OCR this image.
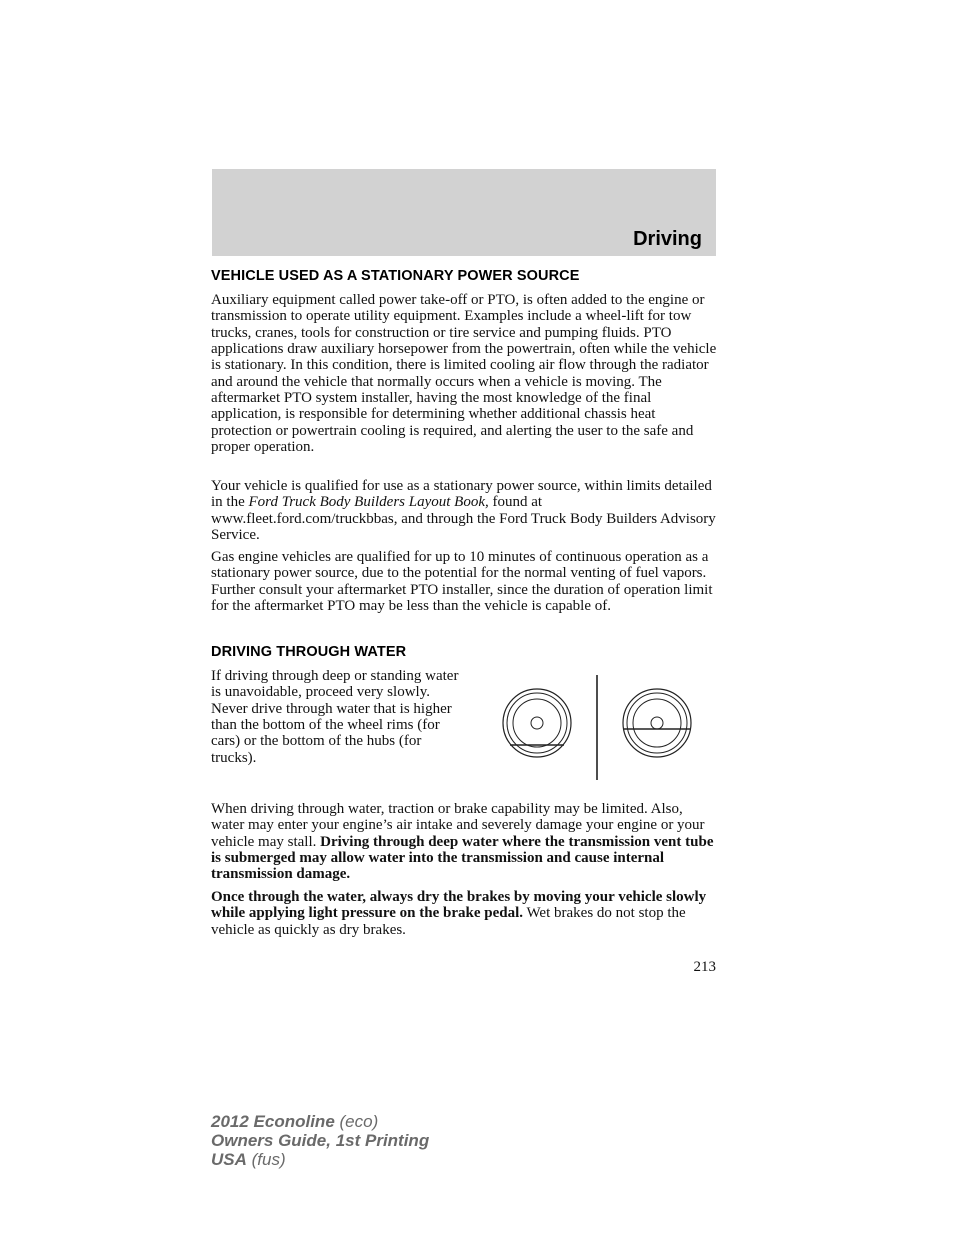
Driving
VEHICLE USED AS A STATIONARY POWER SOURCE
Auxiliary equipment called power take-off or PTO, is often added to the engine or transmission to operate utility equipment. Examples include a wheel-lift for tow trucks, cranes, tools for construction or tire service and pumping fluids. PTO applications draw auxiliary horsepower from the powertrain, often while the vehicle is stationary. In this condition, there is limited cooling air flow through the radiator and around the vehicle that normally occurs when a vehicle is moving. The aftermarket PTO system installer, having the most knowledge of the final application, is responsible for determining whether additional chassis heat protection or powertrain cooling is required, and alerting the user to the safe and proper operation.
Your vehicle is qualified for use as a stationary power source, within limits detailed in the Ford Truck Body Builders Layout Book, found at www.fleet.ford.com/truckbbas, and through the Ford Truck Body Builders Advisory Service.
Gas engine vehicles are qualified for up to 10 minutes of continuous operation as a stationary power source, due to the potential for the normal venting of fuel vapors. Further consult your aftermarket PTO installer, since the duration of operation limit for the aftermarket PTO may be less than the vehicle is capable of.
DRIVING THROUGH WATER
If driving through deep or standing water is unavoidable, proceed very slowly. Never drive through water that is higher than the bottom of the wheel rims (for cars) or the bottom of the hubs (for trucks).
When driving through water, traction or brake capability may be limited. Also, water may enter your engine’s air intake and severely damage your engine or your vehicle may stall. Driving through deep water where the transmission vent tube is submerged may allow water into the transmission and cause internal transmission damage.
Once through the water, always dry the brakes by moving your vehicle slowly while applying light pressure on the brake pedal. Wet brakes do not stop the vehicle as quickly as dry brakes.
213
2012 Econoline (eco)
Owners Guide, 1st Printing
USA (fus)
